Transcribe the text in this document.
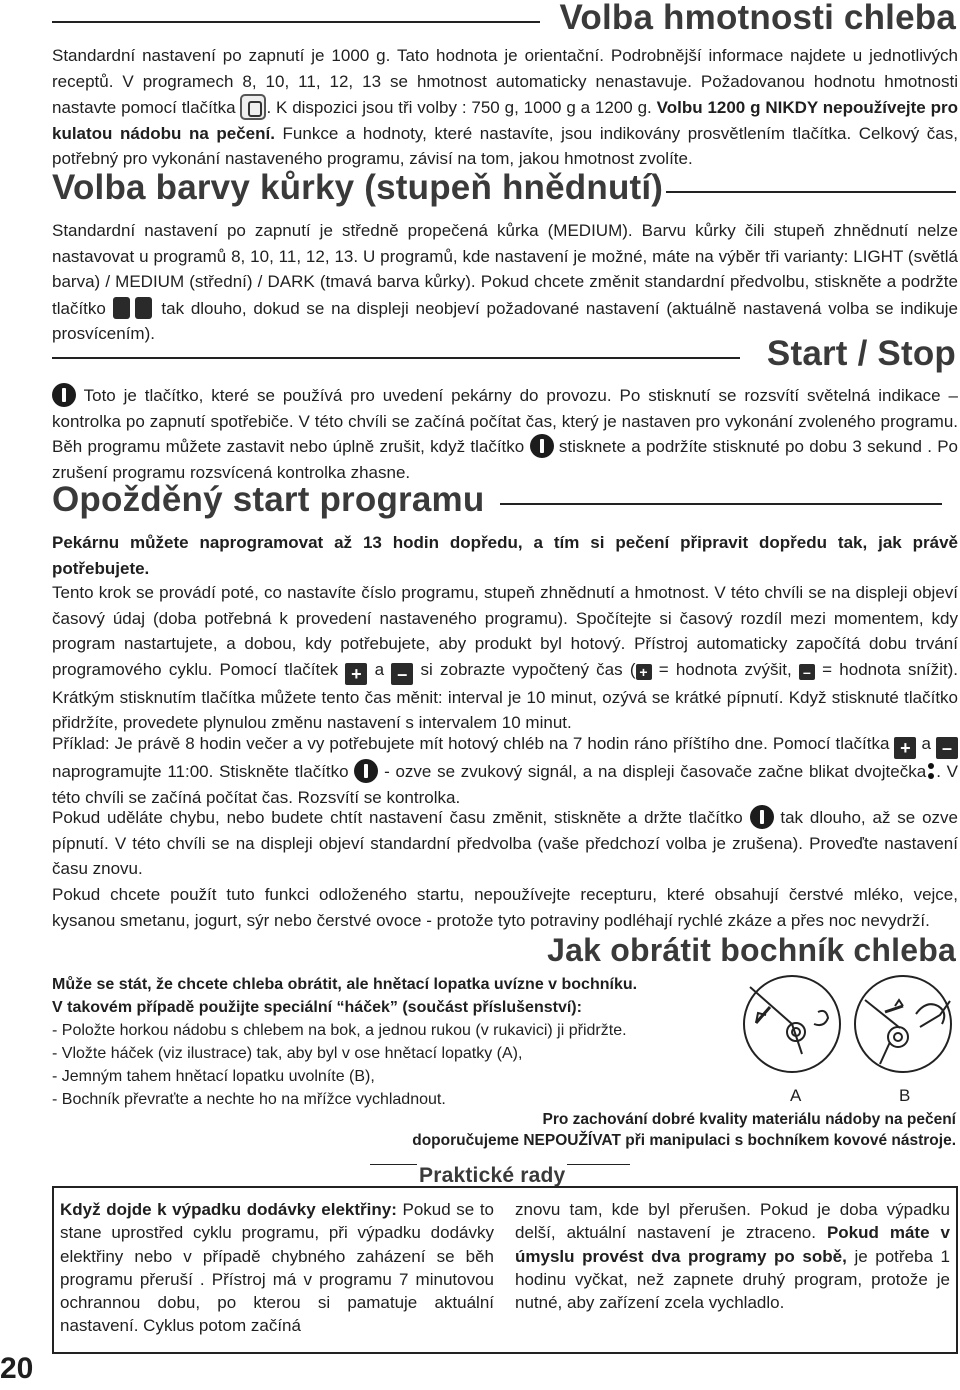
Volba hmotnosti chleba

Standardní nastavení po zapnutí je 1000 g. Tato hodnota je orientační. Podrobnější informace najdete u jednotlivých receptů. V programech 8, 10, 11, 12, 13 se hmotnost automaticky nenastavuje. Požadovanou hodnotu hmotnosti nastavte pomocí tlačítka . K dispozici jsou tři volby : 750 g, 1000 g a 1200 g. Volbu 1200 g NIKDY nepoužívejte pro kulatou nádobu na pečení. Funkce a hodnoty, které nastavíte, jsou indikovány prosvětlením tlačítka. Celkový čas, potřebný pro vykonání nastaveného programu, závisí na tom, jakou hmotnost zvolíte.

Volba barvy kůrky (stupeň hnědnutí)

Standardní nastavení po zapnutí je středně propečená kůrka (MEDIUM). Barvu kůrky čili stupeň zhnědnutí nelze nastavovat u programů 8, 10, 11, 12, 13. U programů, kde nastavení je možné, máte na výběr tři varianty: LIGHT (světlá barva) / MEDIUM (střední) / DARK (tmavá barva kůrky). Pokud chcete změnit standardní předvolbu, stiskněte a podržte tlačítko	tak dlouho, dokud se na displeji neobjeví požadované nastavení (aktuálně nastavená volba se indikuje prosvícením).

Start / Stop

Toto je tlačítko, které se používá pro uvedení pekárny do provozu. Po stisknutí se rozsvítí světelná indikace – kontrolka po zapnutí spotřebiče. V této chvíli se začíná počítat čas, který je nastaven pro vykonání zvoleného programu. Běh programu můžete zastavit nebo úplně zrušit, když tlačítko stisknete a podržíte stisknuté po dobu 3 sekund . Po zrušení programu rozsvícená kontrolka zhasne.

Opožděný start programu

Pekárnu můžete naprogramovat až 13 hodin dopředu, a tím si pečení připravit dopředu tak, jak právě potřebujete.

Tento krok se provádí poté, co nastavíte číslo programu, stupeň zhnědnutí a hmotnost. V této chvíli se na displeji objeví časový údaj (doba potřebná k provedení nastaveného programu). Spočítejte si časový rozdíl mezi momentem, kdy program nastartujete, a dobou, kdy potřebujete, aby produkt byl hotový. Přístroj automaticky započítá dobu trvání programového cyklu. Pomocí tlačítek + a – si zobrazte vypočtený čas ( + = hodnota zvýšit, – = hodnota snížit). Krátkým stisknutím tlačítka můžete tento čas měnit: interval je 10 minut, ozývá se krátké pípnutí. Když stisknuté tlačítko přidržíte, provedete plynulou změnu nastavení s intervalem 10 minut.

Příklad: Je právě 8 hodin večer a vy potřebujete mít hotový chléb na 7 hodin ráno příštího dne. Pomocí tlačítka + a – naprogramujte 11:00. Stiskněte tlačítko - ozve se zvukový signál, a na displeji časovače začne blikat dvojtečka . V této chvíli se začíná počítat čas. Rozsvítí se kontrolka.

Pokud uděláte chybu, nebo budete chtít nastavení času změnit, stiskněte a držte tlačítko tak dlouho, až se ozve pípnutí. V této chvíli se na displeji objeví standardní předvolba (vaše předchozí volba je zrušena). Proveďte nastavení času znovu.

Pokud chcete použít tuto funkci odloženého startu, nepoužívejte recepturu, které obsahují čerstvé mléko, vejce, kysanou smetanu, jogurt, sýr nebo čerstvé ovoce - protože tyto potraviny podléhají rychlé zkáze a přes noc nevydrží.

Jak obrátit bochník chleba
Může se stát, že chcete chleba obrátit, ale hnětací lopatka uvízne v bochníku.
V takovém případě použijte speciální “háček” (součást příslušenství):
- Položte horkou nádobu s chlebem na bok, a jednou rukou (v rukavici) ji přidržte.
- Vložte háček (viz ilustrace) tak, aby byl v ose hnětací lopatky (A),
- Jemným tahem hnětací lopatku uvolníte (B),
- Bochník převraťte a nechte ho na mřížce vychladnout.	A	B
Pro zachování dobré kvality materiálu nádoby na pečení
doporučujeme NEPOUŽÍVAT při manipulaci s bochníkem kovové nástroje.
Praktické rady

Když dojde k výpadku dodávky elektřiny: Pokud se to stane uprostřed cyklu programu, při výpadku dodávky elektřiny nebo v případě chybného zaházení se běh programu přeruší . Přístroj má v programu 7 minutovou ochrannou dobu, po kterou si pamatuje aktuální nastavení. Cyklus potom začíná

znovu tam, kde byl přerušen. Pokud je doba výpadku delší, aktuální nastavení je ztraceno. Pokud máte v úmyslu provést dva programy po sobě, je potřeba 1 hodinu vyčkat, než zapnete druhý program, protože je nutné, aby zařízení zcela vychladlo.

20
